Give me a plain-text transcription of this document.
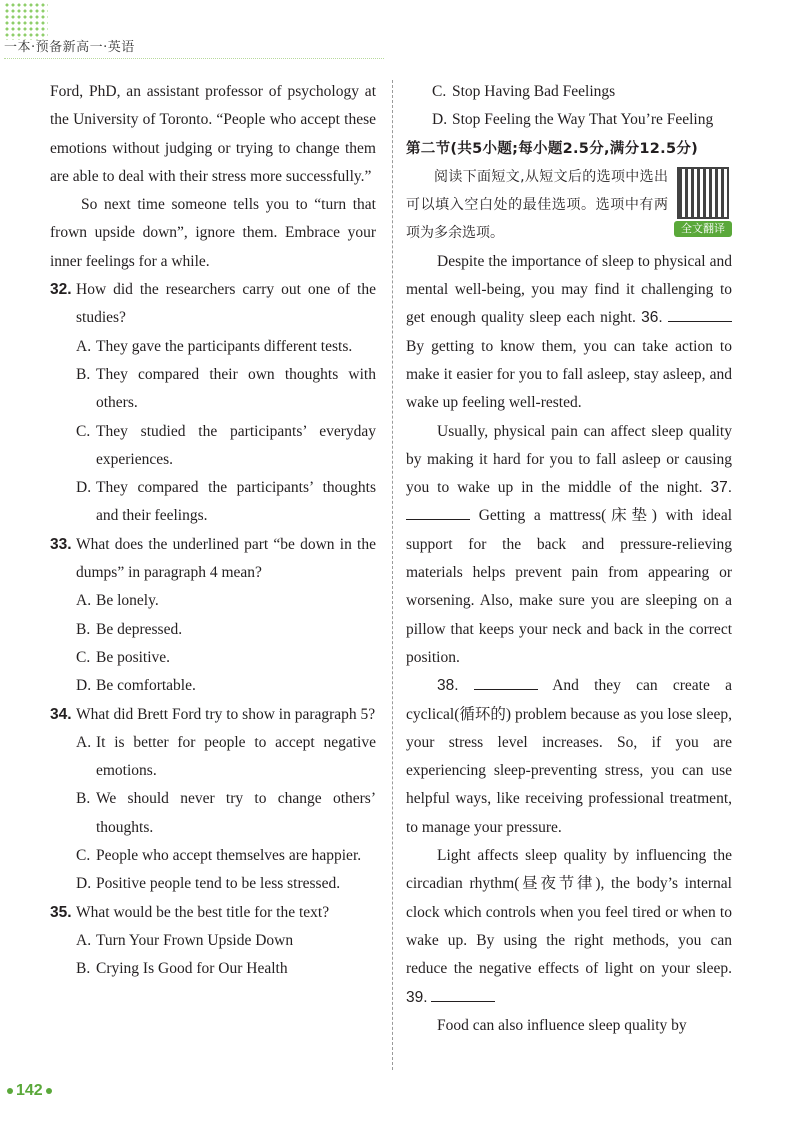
一本·预备新高一·英语

Ford, PhD, an assistant professor of psychology at the University of Toronto. “People who accept these emotions without judging or trying to change them are able to deal with their stress more successfully.”

So next time someone tells you to “turn that frown upside down”, ignore them. Embrace your inner feelings for a while.

32. How did the researchers carry out one of the studies?
A. They gave the participants different tests.
B. They compared their own thoughts with others.
C. They studied the participants’ everyday experiences.
D. They compared the participants’ thoughts and their feelings.
33. What does the underlined part “be down in the dumps” in paragraph 4 mean?
A. Be lonely.
B. Be depressed.
C. Be positive.
D. Be comfortable.
34. What did Brett Ford try to show in paragraph 5?
A. It is better for people to accept negative emotions.
B. We should never try to change others’ thoughts.
C. People who accept themselves are happier.
D. Positive people tend to be less stressed.
35. What would be the best title for the text?
A. Turn Your Frown Upside Down
B. Crying Is Good for Our Health
C. Stop Having Bad Feelings
D. Stop Feeling the Way That You’re Feeling
第二节(共5小题;每小题2.5分,满分12.5分)
全文翻译

阅读下面短文,从短文后的选项中选出可以填入空白处的最佳选项。选项中有两项为多余选项。

Despite the importance of sleep to physical and mental well-being, you may find it challenging to get enough quality sleep each night. 36.  By getting to know them, you can take action to make it easier for you to fall asleep, stay asleep, and wake up feeling well-rested.

Usually, physical pain can affect sleep quality by making it hard for you to fall asleep or causing you to wake up in the middle of the night. 37.  Getting a mattress(床垫) with ideal support for the back and pressure-relieving materials helps prevent pain from appearing or worsening. Also, make sure you are sleeping on a pillow that keeps your neck and back in the correct position.

38.	And they can create a cyclical(循环的) problem because as you lose sleep, your stress level increases. So, if you are experiencing sleep-preventing stress, you can use helpful ways, like receiving professional treatment, to manage your pressure.

Light affects sleep quality by influencing the circadian rhythm(昼夜节律), the body’s internal clock which controls when you feel tired or when to wake up. By using the right methods, you can reduce the negative effects of light on your sleep. 39.

Food can also influence sleep quality by

142
